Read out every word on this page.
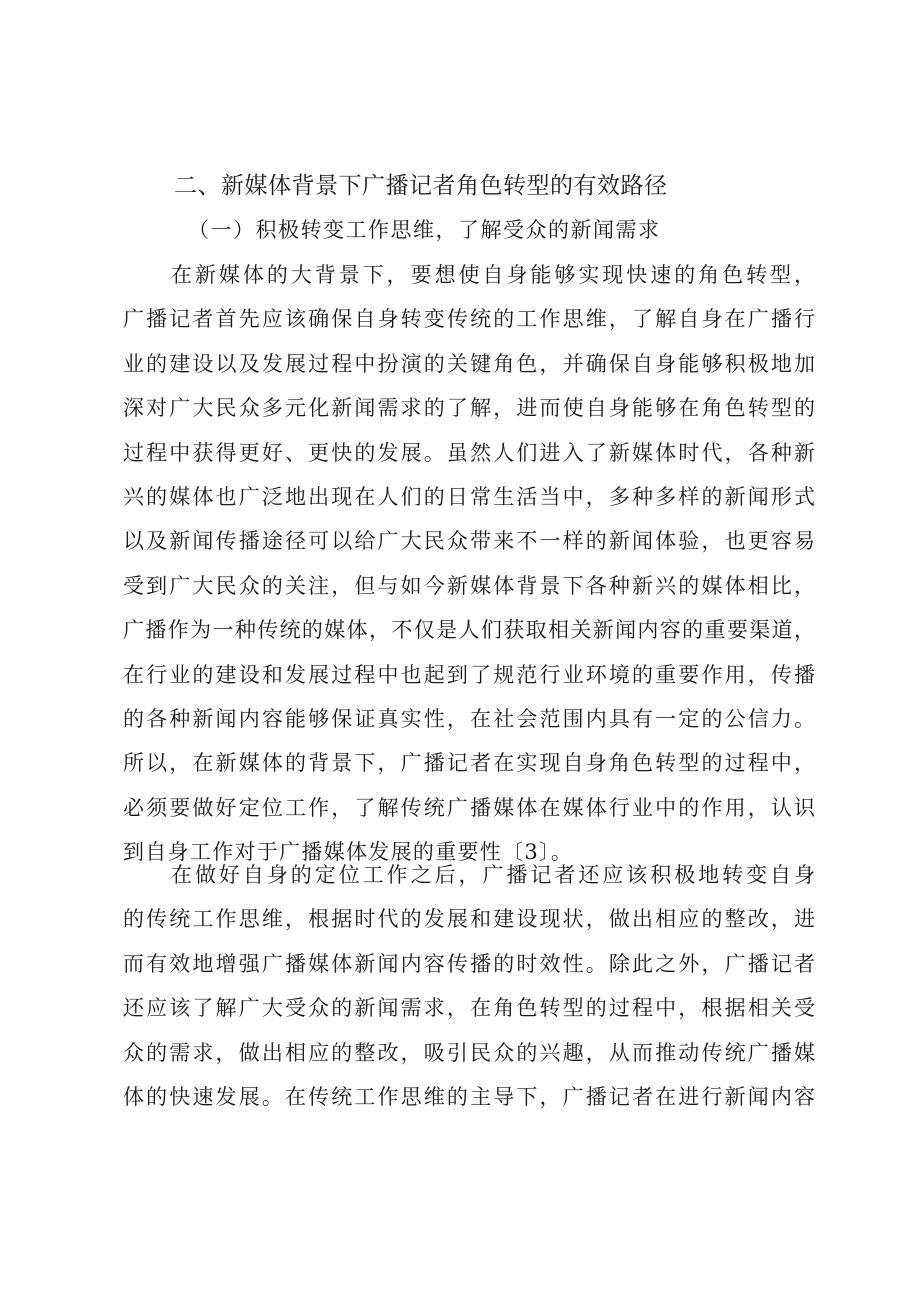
二、新媒体背景下广播记者角色转型的有效路径
（一）积极转变工作思维，了解受众的新闻需求
在新媒体的大背景下，要想使自身能够实现快速的角色转型，
广播记者首先应该确保自身转变传统的工作思维，了解自身在广播行
业的建设以及发展过程中扮演的关键角色，并确保自身能够积极地加
深对广大民众多元化新闻需求的了解，进而使自身能够在角色转型的
过程中获得更好、更快的发展。虽然人们进入了新媒体时代，各种新
兴的媒体也广泛地出现在人们的日常生活当中，多种多样的新闻形式
以及新闻传播途径可以给广大民众带来不一样的新闻体验，也更容易
受到广大民众的关注，但与如今新媒体背景下各种新兴的媒体相比，
广播作为一种传统的媒体，不仅是人们获取相关新闻内容的重要渠道，
在行业的建设和发展过程中也起到了规范行业环境的重要作用，传播
的各种新闻内容能够保证真实性，在社会范围内具有一定的公信力。
所以，在新媒体的背景下，广播记者在实现自身角色转型的过程中，
必须要做好定位工作，了解传统广播媒体在媒体行业中的作用，认识
到自身工作对于广播媒体发展的重要性〔3〕。
在做好自身的定位工作之后，广播记者还应该积极地转变自身
的传统工作思维，根据时代的发展和建设现状，做出相应的整改，进
而有效地增强广播媒体新闻内容传播的时效性。除此之外，广播记者
还应该了解广大受众的新闻需求，在角色转型的过程中，根据相关受
众的需求，做出相应的整改，吸引民众的兴趣，从而推动传统广播媒
体的快速发展。在传统工作思维的主导下，广播记者在进行新闻内容
